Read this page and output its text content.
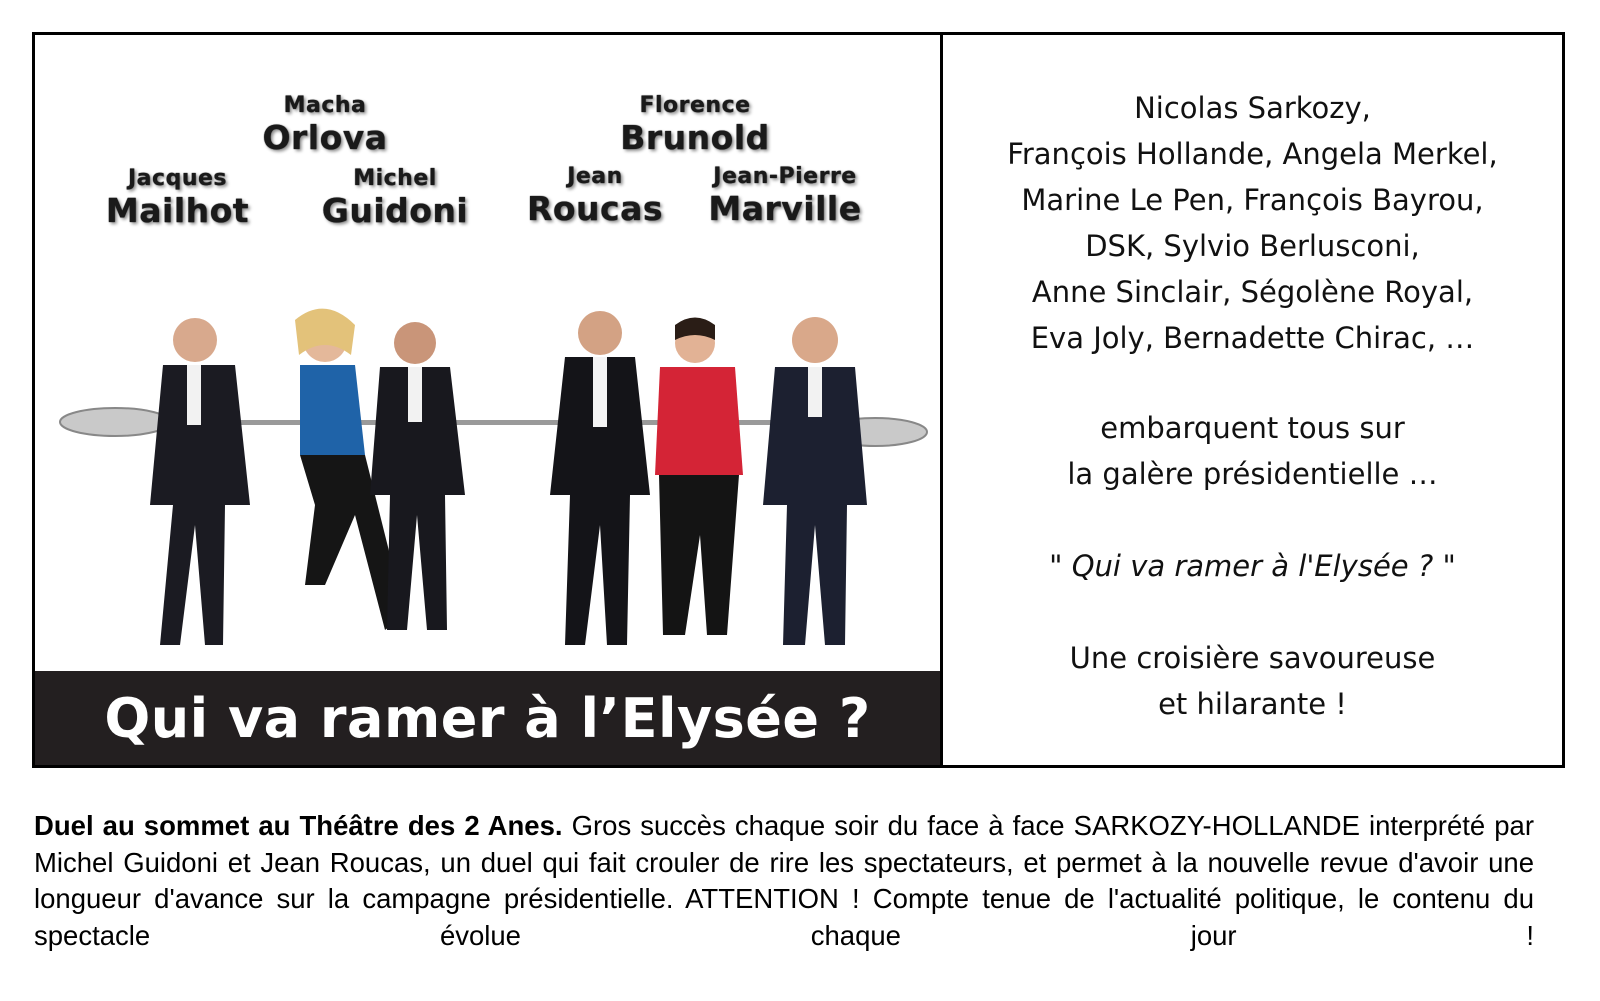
Macha
Orlova
Florence
Brunold
Jacques
Mailhot
Michel
Guidoni
Jean
Roucas
Jean-Pierre
Marville
Qui va ramer à l’Elysée ?
Nicolas Sarkozy,
François Hollande, Angela Merkel,
Marine Le Pen, François Bayrou,
DSK, Sylvio Berlusconi,
Anne Sinclair, Ségolène Royal,
Eva Joly, Bernadette Chirac, …
embarquent tous sur
la galère présidentielle …
" Qui va ramer à l'Elysée ? "
Une croisière savoureuse
et hilarante !
Duel au sommet au Théâtre des 2 Anes. Gros succès chaque soir du face à face SARKOZY-HOLLANDE interprété par Michel Guidoni et Jean Roucas, un duel qui fait crouler de rire les spectateurs, et permet à la nouvelle revue d'avoir une longueur d'avance sur la campagne présidentielle. ATTENTION ! Compte tenue de l'actualité politique, le contenu du spectacle évolue chaque jour !
